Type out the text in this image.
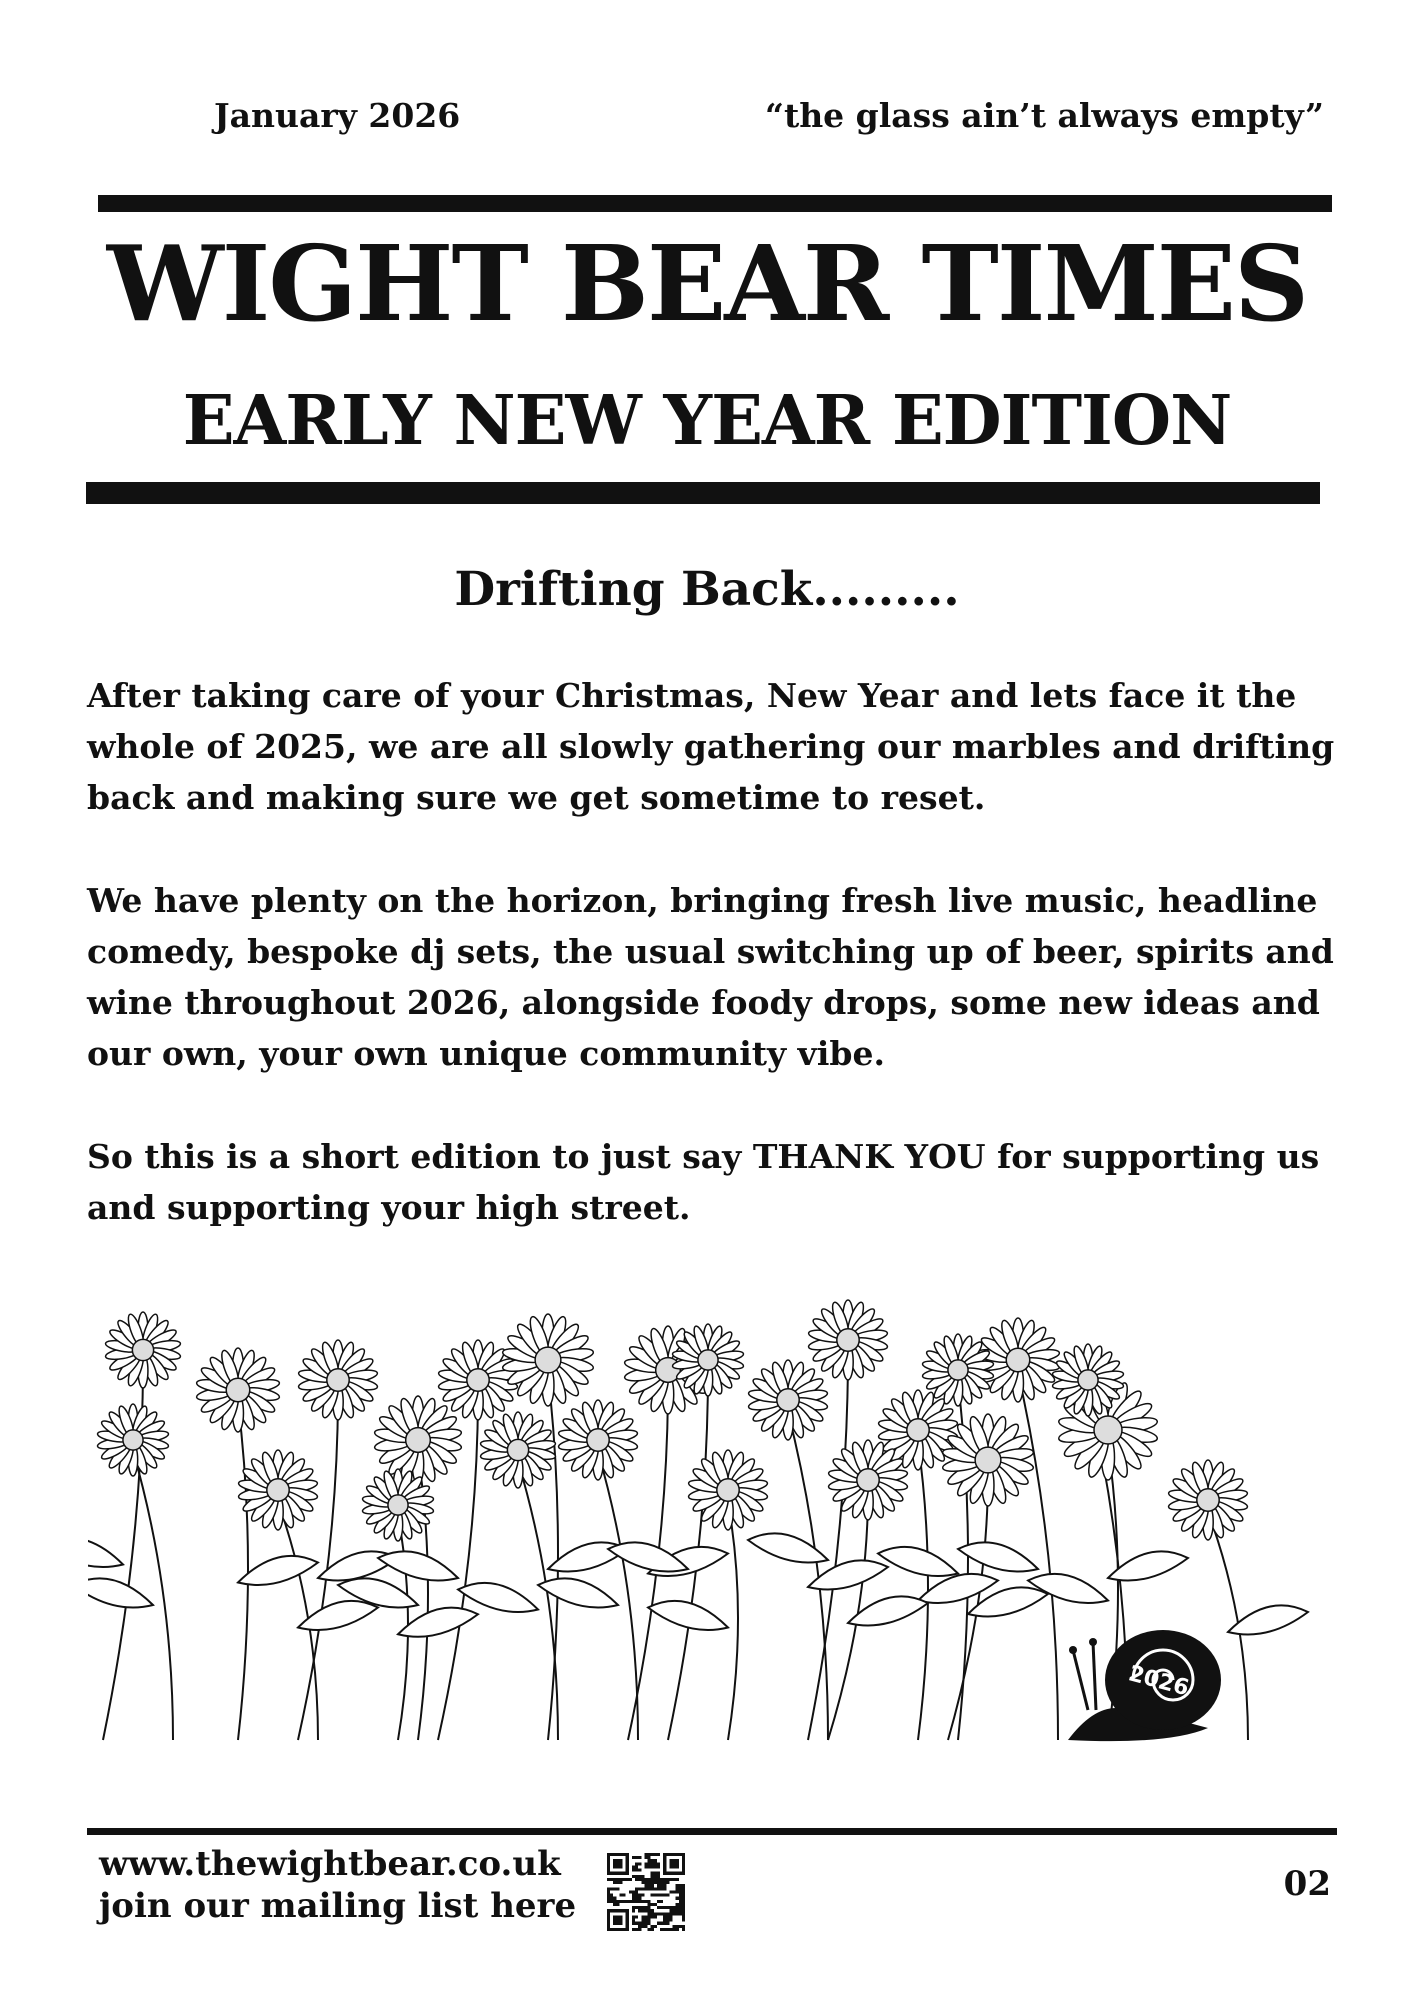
January 2026	“the glass ain’t always empty”
WIGHT BEAR TIMES
EARLY NEW YEAR EDITION
Drifting Back.........
After taking care of your Christmas, New Year and lets face it the whole of 2025, we are all slowly gathering our marbles and drifting back and making sure we get sometime to reset.
We have plenty on the horizon, bringing fresh live music, headline comedy, bespoke dj sets, the usual switching up of beer, spirits and wine throughout 2026, alongside foody drops, some new ideas and our own, your own unique community vibe.
So this is a short edition to just say THANK YOU for supporting us and supporting your high street.
2026
www.thewightbear.co.uk
join our mailing list here
02
